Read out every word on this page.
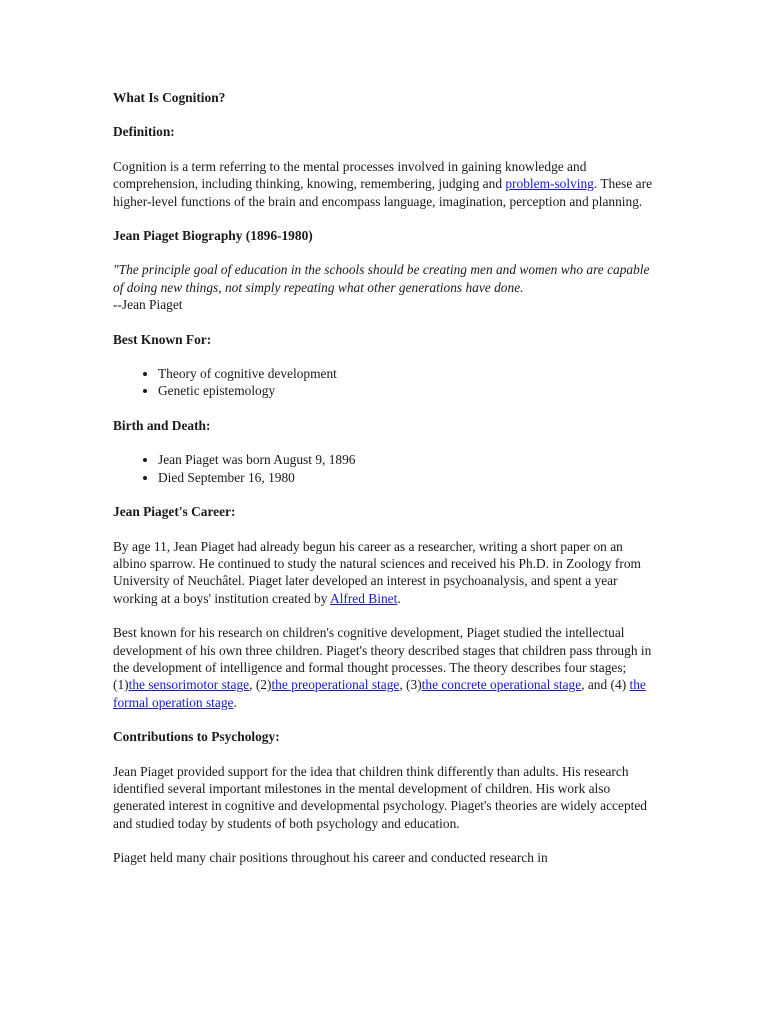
What Is Cognition?
Definition:

Cognition is a term referring to the mental processes involved in gaining knowledge and comprehension, including thinking, knowing, remembering, judging and problem-solving. These are higher-level functions of the brain and encompass language, imagination, perception and planning.

Jean Piaget Biography (1896-1980)
"The principle goal of education in the schools should be creating men and women who are capable of doing new things, not simply repeating what other generations have done.
--Jean Piaget
Best Known For:
• Theory of cognitive development
• Genetic epistemology
Birth and Death:
• Jean Piaget was born August 9, 1896
• Died September 16, 1980
Jean Piaget's Career:

By age 11, Jean Piaget had already begun his career as a researcher, writing a short paper on an albino sparrow. He continued to study the natural sciences and received his Ph.D. in Zoology from University of Neuchâtel. Piaget later developed an interest in psychoanalysis, and spent a year working at a boys' institution created by Alfred Binet.

Best known for his research on children's cognitive development, Piaget studied the intellectual development of his own three children. Piaget's theory described stages that children pass through in the development of intelligence and formal thought processes. The theory describes four stages; (1)the sensorimotor stage, (2)the preoperational stage, (3)the concrete operational stage, and (4) the formal operation stage.

Contributions to Psychology:

Jean Piaget provided support for the idea that children think differently than adults. His research identified several important milestones in the mental development of children. His work also generated interest in cognitive and developmental psychology. Piaget's theories are widely accepted and studied today by students of both psychology and education.

Piaget held many chair positions throughout his career and conducted research in
